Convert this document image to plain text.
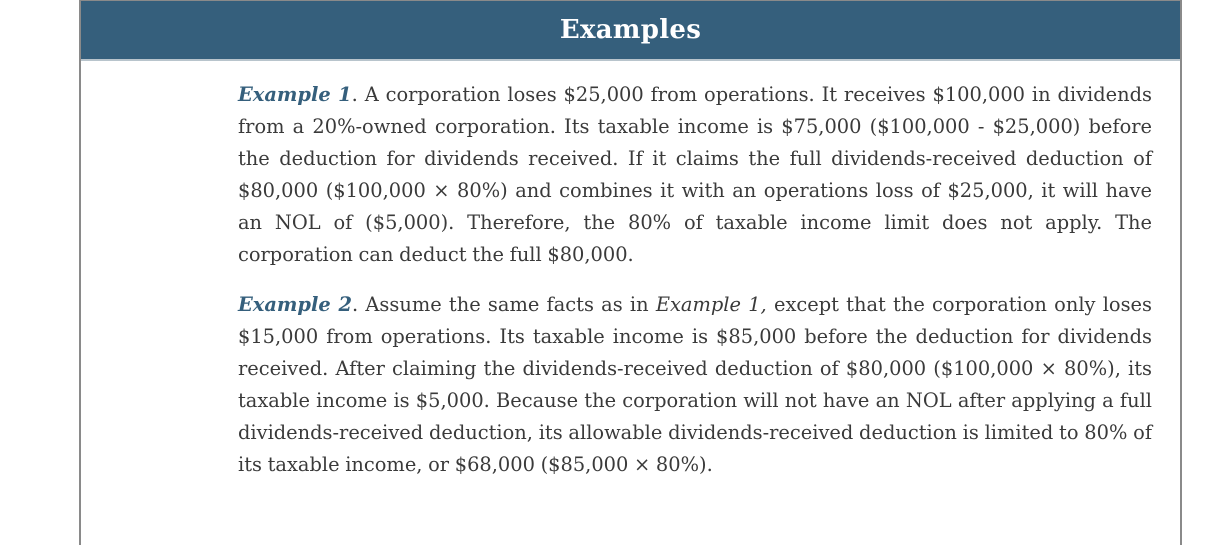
Examples

Example 1. A corporation loses $25,000 from operations. It receives $100,000 in dividends from a 20%-owned corporation. Its taxable income is $75,000 ($100,000 - $25,000) before the deduction for dividends received. If it claims the full dividends-received deduction of $80,000 ($100,000 × 80%) and combines it with an operations loss of $25,000, it will have an NOL of ($5,000). Therefore, the 80% of taxable income limit does not apply. The corporation can deduct the full $80,000.

Example 2. Assume the same facts as in Example 1, except that the corporation only loses $15,000 from operations. Its taxable income is $85,000 before the deduction for dividends received. After claiming the dividends-received deduction of $80,000 ($100,000 × 80%), its taxable income is $5,000. Because the corporation will not have an NOL after applying a full dividends-received deduction, its allowable dividends-received deduction is limited to 80% of its taxable income, or $68,000 ($85,000 × 80%).
